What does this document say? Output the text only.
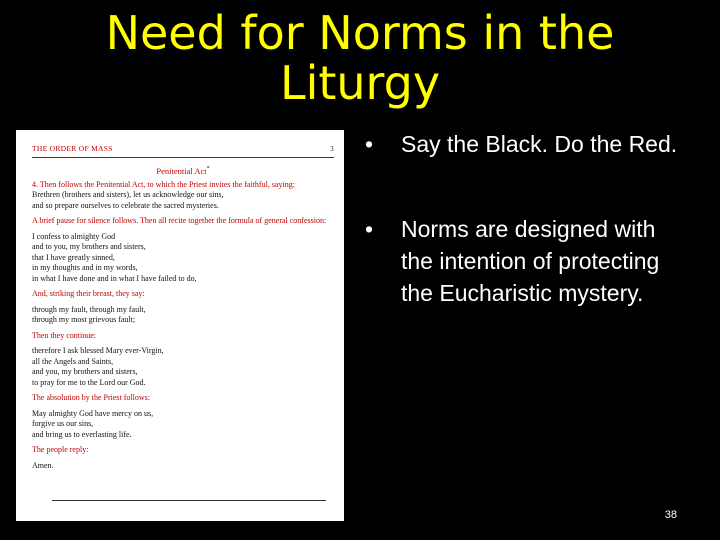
Need for Norms in the
Liturgy
THE ORDER OF MASS	3
Penitential Act*

4. Then follows the Penitential Act, to which the Priest invites the faithful, saying:

Brethren (brothers and sisters), let us acknowledge our sins,

and so prepare ourselves to celebrate the sacred mysteries.

A brief pause for silence follows. Then all recite together the formula of general confession:

I confess to almighty God

and to you, my brothers and sisters,

that I have greatly sinned,

in my thoughts and in my words,

in what I have done and in what I have failed to do,

And, striking their breast, they say:

through my fault, through my fault,

through my most grievous fault;

Then they continue:

therefore I ask blessed Mary ever-Virgin,

all the Angels and Saints,

and you, my brothers and sisters,

to pray for me to the Lord our God.

The absolution by the Priest follows:

May almighty God have mercy on us,

forgive us our sins,

and bring us to everlasting life.

The people reply:

Amen.

• Say the Black. Do the Red.
• Norms are designed with the intention of protecting the Eucharistic mystery.
38
